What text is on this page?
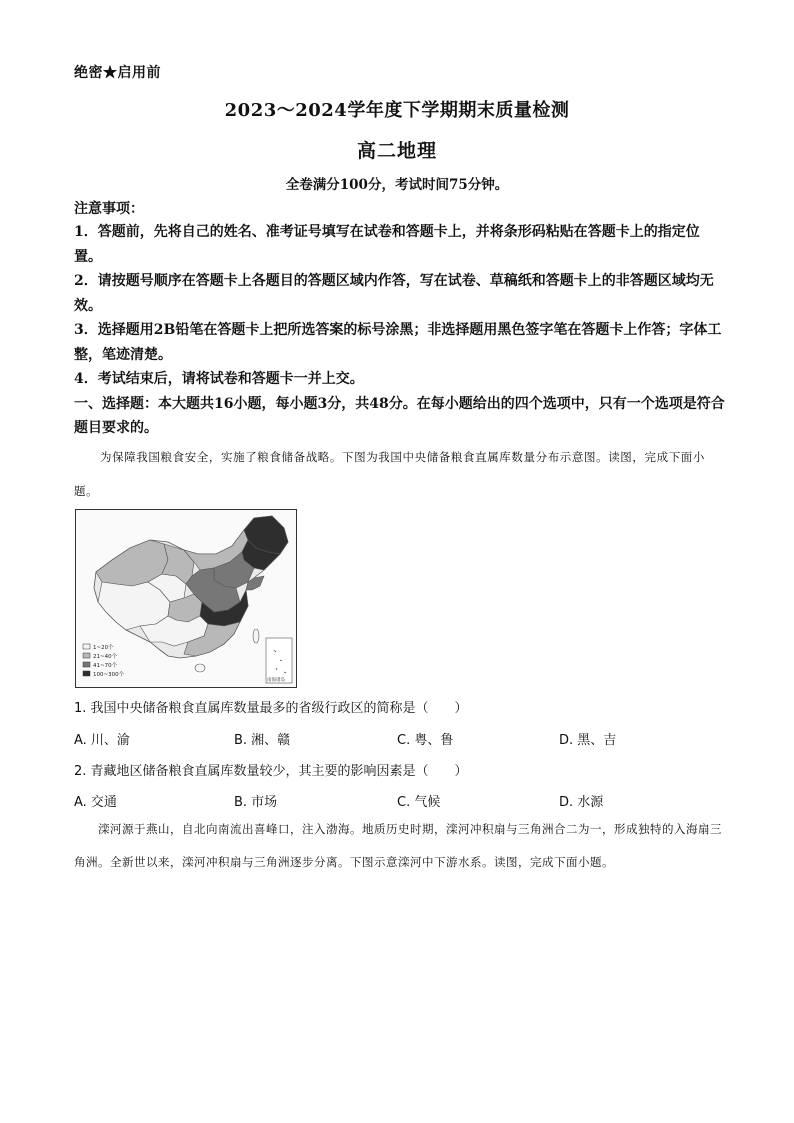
绝密★启用前
2023～2024学年度下学期期末质量检测
高二地理
全卷满分100分，考试时间75分钟。
注意事项：

1．答题前，先将自己的姓名、准考证号填写在试卷和答题卡上，并将条形码粘贴在答题卡上的指定位置。

2．请按题号顺序在答题卡上各题目的答题区域内作答，写在试卷、草稿纸和答题卡上的非答题区域均无效。

3．选择题用2B铅笔在答题卡上把所选答案的标号涂黑；非选择题用黑色签字笔在答题卡上作答；字体工整，笔迹清楚。

4．考试结束后，请将试卷和答题卡一并上交。

一、选择题：本大题共16小题，每小题3分，共48分。在每小题给出的四个选项中，只有一个选项是符合题目要求的。

为保障我国粮食安全，实施了粮食储备战略。下图为我国中央储备粮食直属库数量分布示意图。读图，完成下面小题。

南海诸岛
1~20个
21~40个
41~70个
100~300个
1. 我国中央储备粮食直属库数量最多的省级行政区的简称是（　　）
A. 川、渝	B. 湘、赣	C. 粤、鲁	D. 黑、吉
2. 青藏地区储备粮食直属库数量较少，其主要的影响因素是（　　）
A. 交通	B. 市场	C. 气候	D. 水源

滦河源于燕山，自北向南流出喜峰口，注入渤海。地质历史时期，滦河冲积扇与三角洲合二为一，形成独特的入海扇三角洲。全新世以来，滦河冲积扇与三角洲逐步分离。下图示意滦河中下游水系。读图，完成下面小题。
